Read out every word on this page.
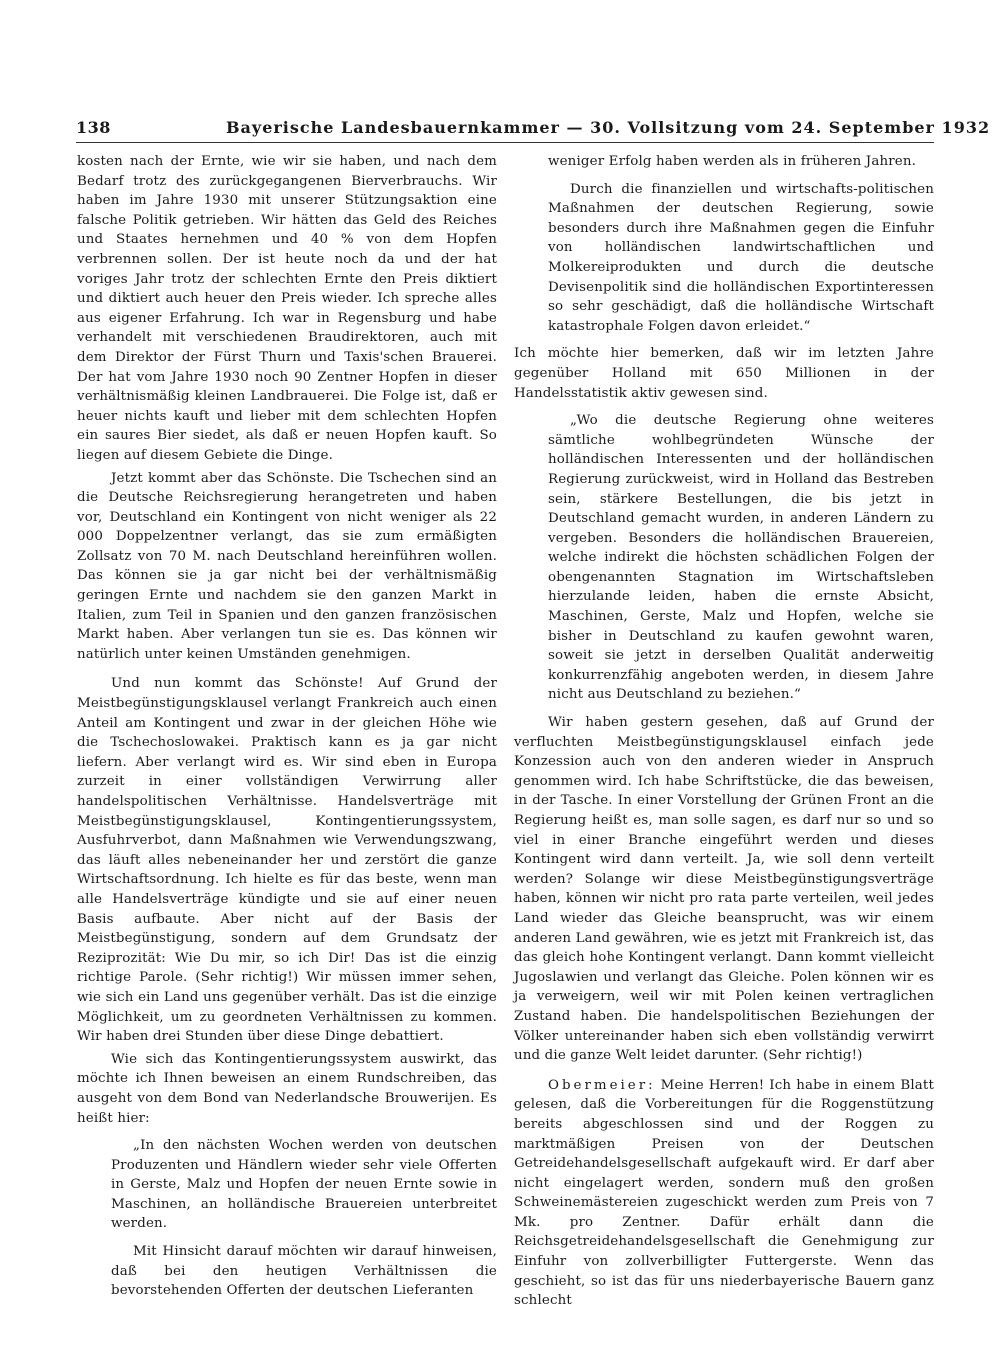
138	Bayerische Landesbauernkammer — 30. Vollsitzung vom 24. September 1932

kosten nach der Ernte, wie wir sie haben, und nach dem Bedarf trotz des zurückgegangenen Bierverbrauchs. Wir haben im Jahre 1930 mit unserer Stützungsaktion eine falsche Politik getrieben. Wir hätten das Geld des Reiches und Staates hernehmen und 40 % von dem Hopfen verbrennen sollen. Der ist heute noch da und der hat voriges Jahr trotz der schlechten Ernte den Preis diktiert und diktiert auch heuer den Preis wieder. Ich spreche alles aus eigener Erfahrung. Ich war in Regensburg und habe verhandelt mit verschiedenen Braudirektoren, auch mit dem Direktor der Fürst Thurn und Taxis'schen Brauerei. Der hat vom Jahre 1930 noch 90 Zentner Hopfen in dieser verhältnismäßig kleinen Landbrauerei. Die Folge ist, daß er heuer nichts kauft und lieber mit dem schlechten Hopfen ein saures Bier siedet, als daß er neuen Hopfen kauft. So liegen auf diesem Gebiete die Dinge.

Jetzt kommt aber das Schönste. Die Tschechen sind an die Deutsche Reichsregierung herangetreten und haben vor, Deutschland ein Kontingent von nicht weniger als 22 000 Doppelzentner verlangt, das sie zum ermäßigten Zollsatz von 70 M. nach Deutschland hereinführen wollen. Das können sie ja gar nicht bei der verhältnismäßig geringen Ernte und nachdem sie den ganzen Markt in Italien, zum Teil in Spanien und den ganzen französischen Markt haben. Aber verlangen tun sie es. Das können wir natürlich unter keinen Umständen genehmigen.

Und nun kommt das Schönste! Auf Grund der Meistbegünstigungsklausel verlangt Frankreich auch einen Anteil am Kontingent und zwar in der gleichen Höhe wie die Tschechoslowakei. Praktisch kann es ja gar nicht liefern. Aber verlangt wird es. Wir sind eben in Europa zurzeit in einer vollständigen Verwirrung aller handelspolitischen Verhältnisse. Handelsverträge mit Meistbegünstigungsklausel, Kontingentierungssystem, Ausfuhrverbot, dann Maßnahmen wie Verwendungszwang, das läuft alles nebeneinander her und zerstört die ganze Wirtschaftsordnung. Ich hielte es für das beste, wenn man alle Handelsverträge kündigte und sie auf einer neuen Basis aufbaute. Aber nicht auf der Basis der Meistbegünstigung, sondern auf dem Grundsatz der Reziprozität: Wie Du mir, so ich Dir! Das ist die einzig richtige Parole. (Sehr richtig!) Wir müssen immer sehen, wie sich ein Land uns gegenüber verhält. Das ist die einzige Möglichkeit, um zu geordneten Verhältnissen zu kommen. Wir haben drei Stunden über diese Dinge debattiert.

Wie sich das Kontingentierungssystem auswirkt, das möchte ich Ihnen beweisen an einem Rundschreiben, das ausgeht von dem Bond van Nederlandsche Brouwerijen. Es heißt hier:

„In den nächsten Wochen werden von deutschen Produzenten und Händlern wieder sehr viele Offerten in Gerste, Malz und Hopfen der neuen Ernte sowie in Maschinen, an holländische Brauereien unterbreitet werden.

Mit Hinsicht darauf möchten wir darauf hinweisen, daß bei den heutigen Verhältnissen die bevorstehenden Offerten der deutschen Lieferanten

weniger Erfolg haben werden als in früheren Jahren.

Durch die finanziellen und wirtschafts-politischen Maßnahmen der deutschen Regierung, sowie besonders durch ihre Maßnahmen gegen die Einfuhr von holländischen landwirtschaftlichen und Molkereiprodukten und durch die deutsche Devisenpolitik sind die holländischen Exportinteressen so sehr geschädigt, daß die holländische Wirtschaft katastrophale Folgen davon erleidet.“

Ich möchte hier bemerken, daß wir im letzten Jahre gegenüber Holland mit 650 Millionen in der Handelsstatistik aktiv gewesen sind.

„Wo die deutsche Regierung ohne weiteres sämtliche wohlbegründeten Wünsche der holländischen Interessenten und der holländischen Regierung zurückweist, wird in Holland das Bestreben sein, stärkere Bestellungen, die bis jetzt in Deutschland gemacht wurden, in anderen Ländern zu vergeben. Besonders die holländischen Brauereien, welche indirekt die höchsten schädlichen Folgen der obengenannten Stagnation im Wirtschaftsleben hierzulande leiden, haben die ernste Absicht, Maschinen, Gerste, Malz und Hopfen, welche sie bisher in Deutschland zu kaufen gewohnt waren, soweit sie jetzt in derselben Qualität anderweitig konkurrenzfähig angeboten werden, in diesem Jahre nicht aus Deutschland zu beziehen.“

Wir haben gestern gesehen, daß auf Grund der verfluchten Meistbegünstigungsklausel einfach jede Konzession auch von den anderen wieder in Anspruch genommen wird. Ich habe Schriftstücke, die das beweisen, in der Tasche. In einer Vorstellung der Grünen Front an die Regierung heißt es, man solle sagen, es darf nur so und so viel in einer Branche eingeführt werden und dieses Kontingent wird dann verteilt. Ja, wie soll denn verteilt werden? Solange wir diese Meistbegünstigungsverträge haben, können wir nicht pro rata parte verteilen, weil jedes Land wieder das Gleiche beansprucht, was wir einem anderen Land gewähren, wie es jetzt mit Frankreich ist, das das gleich hohe Kontingent verlangt. Dann kommt vielleicht Jugoslawien und verlangt das Gleiche. Polen können wir es ja verweigern, weil wir mit Polen keinen vertraglichen Zustand haben. Die handelspolitischen Beziehungen der Völker untereinander haben sich eben vollständig verwirrt und die ganze Welt leidet darunter. (Sehr richtig!)

Obermeier: Meine Herren! Ich habe in einem Blatt gelesen, daß die Vorbereitungen für die Roggenstützung bereits abgeschlossen sind und der Roggen zu marktmäßigen Preisen von der Deutschen Getreidehandelsgesellschaft aufgekauft wird. Er darf aber nicht eingelagert werden, sondern muß den großen Schweinemästereien zugeschickt werden zum Preis von 7 Mk. pro Zentner. Dafür erhält dann die Reichsgetreidehandelsgesellschaft die Genehmigung zur Einfuhr von zollverbilligter Futtergerste. Wenn das geschieht, so ist das für uns niederbayerische Bauern ganz schlecht
